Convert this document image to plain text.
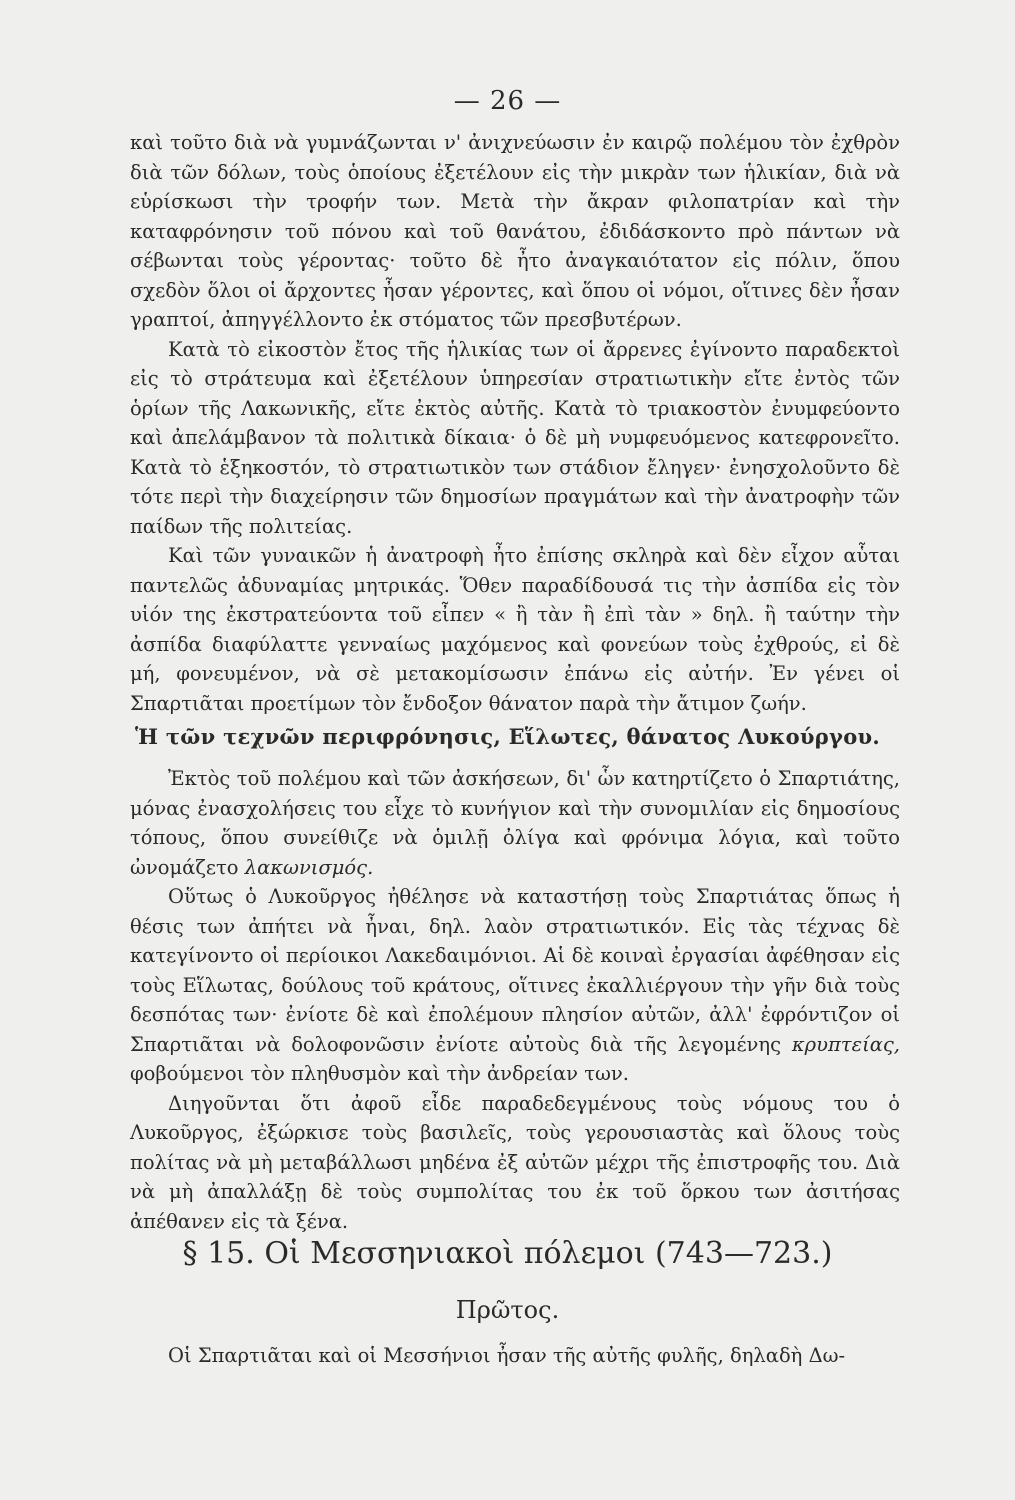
— 26 —

καὶ τοῦτο διὰ νὰ γυμνάζωνται ν' ἀνιχνεύωσιν ἐν καιρῷ πολέμου τὸν ἐχθρὸν διὰ τῶν δόλων, τοὺς ὁποίους ἐξετέλουν εἰς τὴν μικρὰν των ἡλικίαν, διὰ νὰ εὑρίσκωσι τὴν τροφήν των. Μετὰ τὴν ἄκραν φιλοπατρίαν καὶ τὴν καταφρόνησιν τοῦ πόνου καὶ τοῦ θανάτου, ἐδιδάσκοντο πρὸ πάντων νὰ σέβωνται τοὺς γέροντας· τοῦτο δὲ ἦτο ἀναγκαιότατον εἰς πόλιν, ὅπου σχεδὸν ὅλοι οἱ ἄρχοντες ἦσαν γέροντες, καὶ ὅπου οἱ νόμοι, οἵτινες δὲν ἦσαν γραπτοί, ἀπηγγέλλοντο ἐκ στόματος τῶν πρεσβυτέρων.

Κατὰ τὸ εἰκοστὸν ἔτος τῆς ἡλικίας των οἱ ἄρρενες ἐγίνοντο παραδεκτοὶ εἰς τὸ στράτευμα καὶ ἐξετέλουν ὑπηρεσίαν στρατιωτικὴν εἴτε ἐντὸς τῶν ὁρίων τῆς Λακωνικῆς, εἴτε ἐκτὸς αὐτῆς. Κατὰ τὸ τριακοστὸν ἐνυμφεύοντο καὶ ἀπελάμβανον τὰ πολιτικὰ δίκαια· ὁ δὲ μὴ νυμφευόμενος κατεφρονεῖτο. Κατὰ τὸ ἑξηκοστόν, τὸ στρατιωτικὸν των στάδιον ἔληγεν· ἐνησχολοῦντο δὲ τότε περὶ τὴν διαχείρησιν τῶν δημοσίων πραγμάτων καὶ τὴν ἀνατροφὴν τῶν παίδων τῆς πολιτείας.

Καὶ τῶν γυναικῶν ἡ ἀνατροφὴ ἦτο ἐπίσης σκληρὰ καὶ δὲν εἶχον αὗται παντελῶς ἀδυναμίας μητρικάς. Ὅθεν παραδίδουσά τις τὴν ἀσπίδα εἰς τὸν υἱόν της ἐκστρατεύοντα τοῦ εἶπεν « ἢ τὰν ἢ ἐπὶ τὰν » δηλ. ἢ ταύτην τὴν ἀσπίδα διαφύλαττε γενναίως μαχόμενος καὶ φονεύων τοὺς ἐχθρούς, εἰ δὲ μή, φονευμένον, νὰ σὲ μετακομίσωσιν ἐπάνω εἰς αὐτήν. Ἐν γένει οἱ Σπαρτιᾶται προετίμων τὸν ἔνδοξον θάνατον παρὰ τὴν ἄτιμον ζωήν.

Ἡ τῶν τεχνῶν περιφρόνησις, Εἵλωτες, θάνατος Λυκούργου.

Ἐκτὸς τοῦ πολέμου καὶ τῶν ἀσκήσεων, δι' ὧν κατηρτίζετο ὁ Σπαρτιάτης, μόνας ἐνασχολήσεις του εἶχε τὸ κυνήγιον καὶ τὴν συνομιλίαν εἰς δημοσίους τόπους, ὅπου συνείθιζε νὰ ὁμιλῇ ὀλίγα καὶ φρόνιμα λόγια, καὶ τοῦτο ὠνομάζετο λακωνισμός.

Οὕτως ὁ Λυκοῦργος ἠθέλησε νὰ καταστήσῃ τοὺς Σπαρτιάτας ὅπως ἡ θέσις των ἀπήτει νὰ ἦναι, δηλ. λαὸν στρατιωτικόν. Εἰς τὰς τέχνας δὲ κατεγίνοντο οἱ περίοικοι Λακεδαιμόνιοι. Αἱ δὲ κοιναὶ ἐργασίαι ἀφέθησαν εἰς τοὺς Εἵλωτας, δούλους τοῦ κράτους, οἵτινες ἐκαλλιέργουν τὴν γῆν διὰ τοὺς δεσπότας των· ἐνίοτε δὲ καὶ ἐπολέμουν πλησίον αὐτῶν, ἀλλ' ἐφρόντιζον οἱ Σπαρτιᾶται νὰ δολοφονῶσιν ἐνίοτε αὐτοὺς διὰ τῆς λεγομένης κρυπτείας, φοβούμενοι τὸν πληθυσμὸν καὶ τὴν ἀνδρείαν των.

Διηγοῦνται ὅτι ἀφοῦ εἶδε παραδεδεγμένους τοὺς νόμους του ὁ Λυκοῦργος, ἐξώρκισε τοὺς βασιλεῖς, τοὺς γερουσιαστὰς καὶ ὅλους τοὺς πολίτας νὰ μὴ μεταβάλλωσι μηδένα ἐξ αὐτῶν μέχρι τῆς ἐπιστροφῆς του. Διὰ νὰ μὴ ἀπαλλάξῃ δὲ τοὺς συμπολίτας του ἐκ τοῦ ὅρκου των ἀσιτήσας ἀπέθανεν εἰς τὰ ξένα.

§ 15. Οἱ Μεσσηνιακοὶ πόλεμοι (743—723.)
Πρῶτος.

Οἱ Σπαρτιᾶται καὶ οἱ Μεσσήνιοι ἦσαν τῆς αὐτῆς φυλῆς, δηλαδὴ Δω-
